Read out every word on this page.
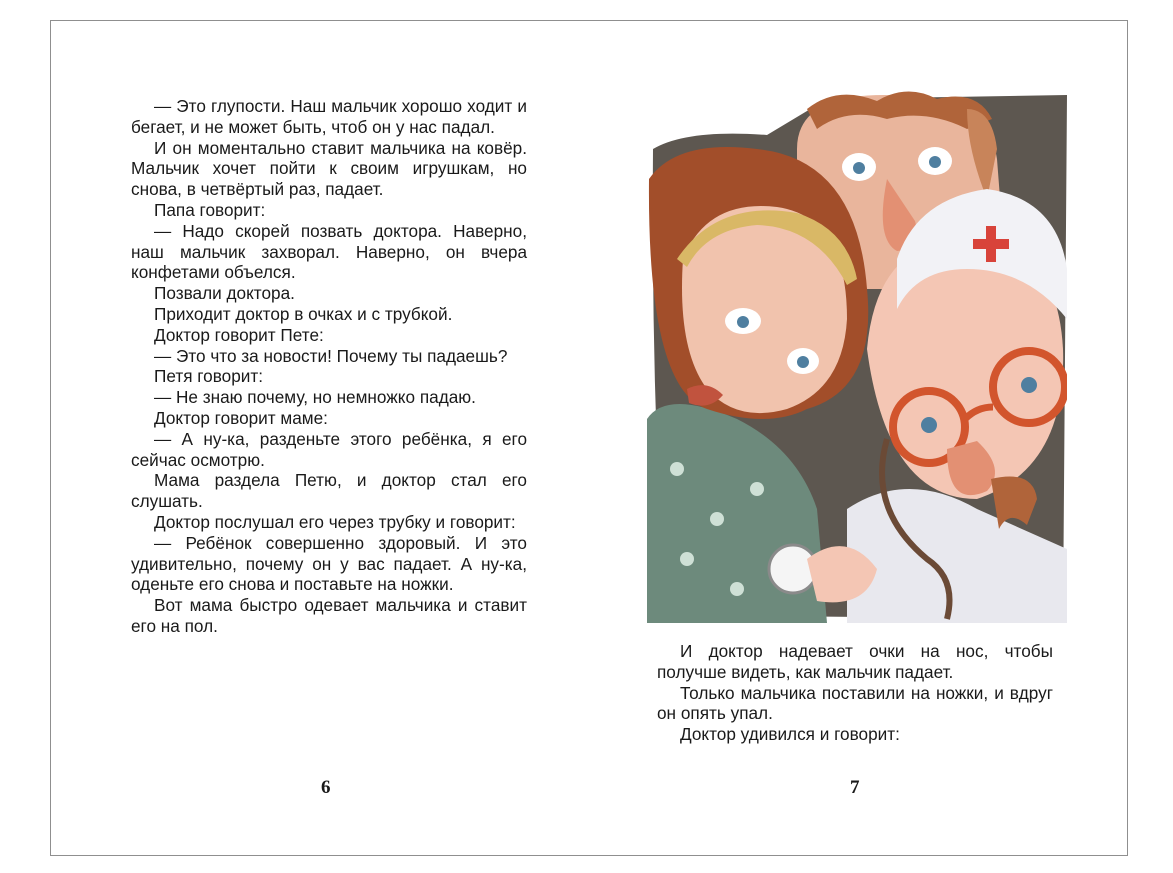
— Это глупости. Наш мальчик хорошо ходит и бегает, и не может быть, чтоб он у нас падал.

И он моментально ставит мальчика на ковёр. Мальчик хочет пойти к своим игрушкам, но снова, в четвёртый раз, падает.

Папа говорит:

— Надо скорей позвать доктора. Наверно, наш мальчик захворал. Наверно, он вчера конфетами объелся.

Позвали доктора.

Приходит доктор в очках и с трубкой.

Доктор говорит Пете:

— Это что за новости! Почему ты падаешь?

Петя говорит:

— Не знаю почему, но немножко падаю.

Доктор говорит маме:

— А ну-ка, разденьте этого ребёнка, я его сейчас осмотрю.

Мама раздела Петю, и доктор стал его слушать.

Доктор послушал его через трубку и говорит:

— Ребёнок совершенно здоровый. И это удивительно, почему он у вас падает. А ну-ка, оденьте его снова и поставьте на ножки.

Вот мама быстро одевает мальчика и ставит его на пол.

6

И доктор надевает очки на нос, чтобы получше видеть, как мальчик падает.

Только мальчика поставили на ножки, и вдруг он опять упал.

Доктор удивился и говорит:

7
